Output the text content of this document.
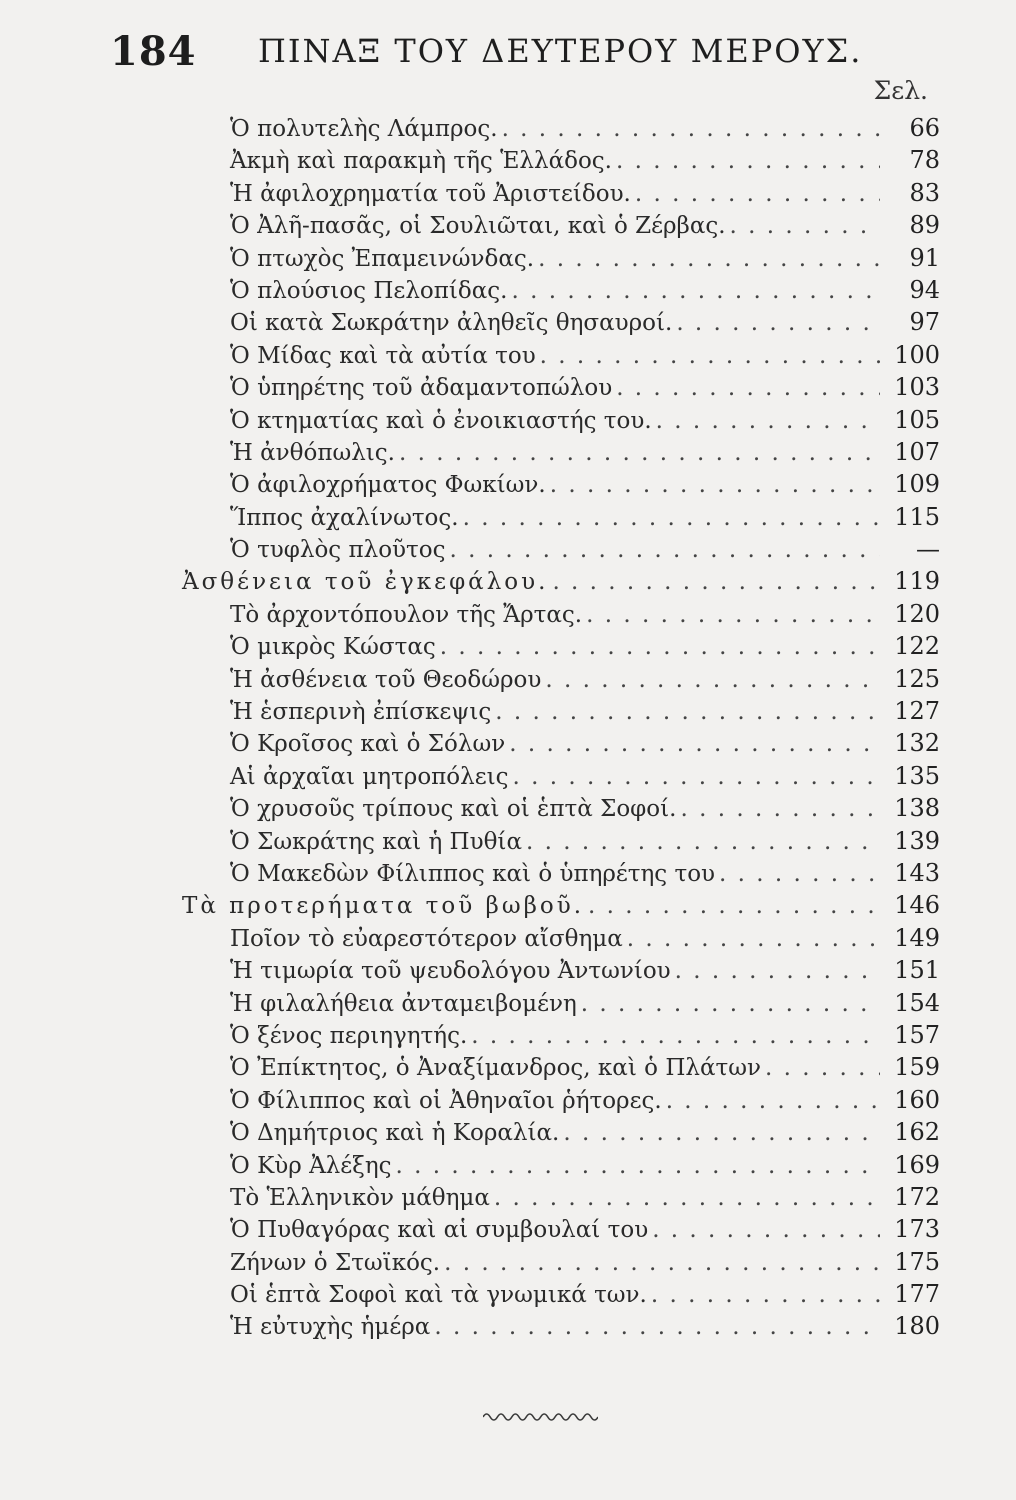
184 ΠΙΝΑΞ ΤΟΥ ΔΕΥΤΕΡΟΥ ΜΕΡΟΥΣ.
Σελ.
Ὁ πολυτελὴς Λάμπρος. . . .	66
Ἀκμὴ καὶ παρακμὴ τῆς Ἑλλάδος. . . .	78
Ἡ ἀφιλοχρηματία τοῦ Ἀριστείδου. . . .	83
Ὁ Ἀλῆ-πασᾶς, οἱ Σουλιῶται, καὶ ὁ Ζέρβας. . . .	89
Ὁ πτωχὸς Ἐπαμεινώνδας. . . .	91
Ὁ πλούσιος Πελοπίδας. . . .	94
Οἱ κατὰ Σωκράτην ἀληθεῖς θησαυροί. . . .	97
Ὁ Μίδας καὶ τὰ αὐτία του . . .	100
Ὁ ὑπηρέτης τοῦ ἀδαμαντοπώλου . . .	103
Ὁ κτηματίας καὶ ὁ ἐνοικιαστής του. . . .	105
Ἡ ἀνθόπωλις. . . .	107
Ὁ ἀφιλοχρήματος Φωκίων. . . .	109
Ἵππος ἀχαλίνωτος. . . .	115
Ὁ τυφλὸς πλοῦτος . . .	—
Ἀσθένεια τοῦ ἐγκεφάλου. . . .	119
Τὸ ἀρχοντόπουλον τῆς Ἄρτας. . . .	120
Ὁ μικρὸς Κώστας . . .	122
Ἡ ἀσθένεια τοῦ Θεοδώρου . . .	125
Ἡ ἑσπερινὴ ἐπίσκεψις . . .	127
Ὁ Κροῖσος καὶ ὁ Σόλων . . .	132
Αἱ ἀρχαῖαι μητροπόλεις . . .	135
Ὁ χρυσοῦς τρίπους καὶ οἱ ἑπτὰ Σοφοί. . . .	138
Ὁ Σωκράτης καὶ ἡ Πυθία . . .	139
Ὁ Μακεδὼν Φίλιππος καὶ ὁ ὑπηρέτης του . . .	143
Τὰ προτερήματα τοῦ βωβοῦ. . . .	146
Ποῖον τὸ εὐαρεστότερον αἴσθημα . . .	149
Ἡ τιμωρία τοῦ ψευδολόγου Ἀντωνίου . . .	151
Ἡ φιλαλήθεια ἀνταμειβομένη . . .	154
Ὁ ξένος περιηγητής. . . .	157
Ὁ Ἐπίκτητος, ὁ Ἀναξίμανδρος, καὶ ὁ Πλάτων . . .	159
Ὁ Φίλιππος καὶ οἱ Ἀθηναῖοι ῥήτορες. . . .	160
Ὁ Δημήτριος καὶ ἡ Κοραλία. . . .	162
Ὁ Κὺρ Ἀλέξης . . .	169
Τὸ Ἑλληνικὸν μάθημα . . .	172
Ὁ Πυθαγόρας καὶ αἱ συμβουλαί του . . .	173
Ζήνων ὁ Στωϊκός. . . .	175
Οἱ ἑπτὰ Σοφοὶ καὶ τὰ γνωμικά των. . . .	177
Ἡ εὐτυχὴς ἡμέρα . . .	180
